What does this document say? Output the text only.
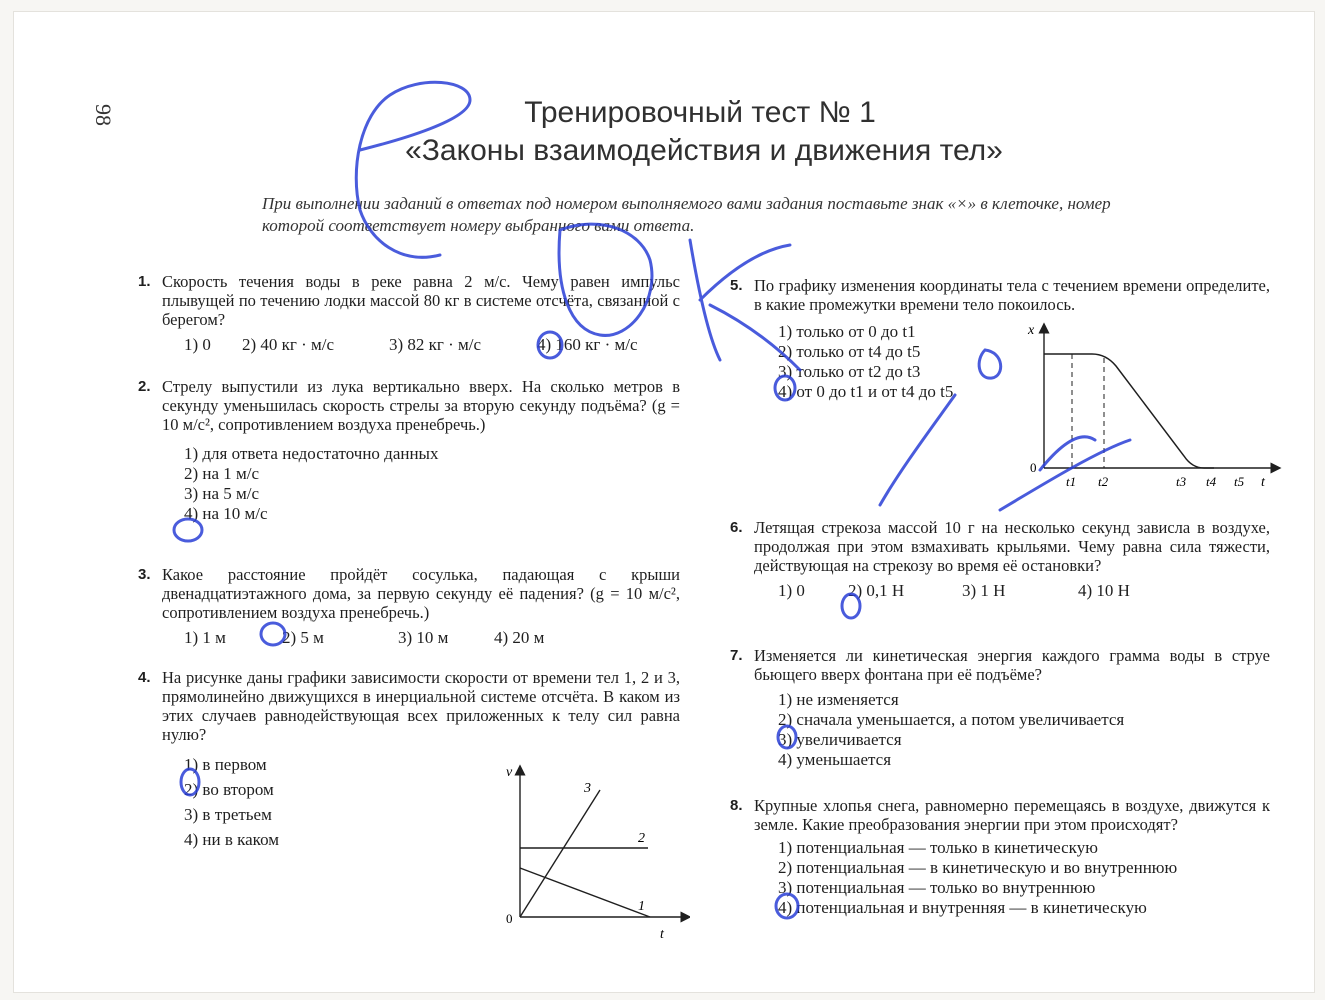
98	Тренировочный тест № 1
«Законы взаимодействия и движения тел»
При выполнении заданий в ответах под номером выполняемого вами задания поставьте знак «×» в клеточке, номер которой соответствует номеру выбранного вами ответа.
1. Скорость течения воды в реке равна 2 м/с. Чему равен импульс плывущей по течению лодки массой 80 кг в системе отсчёта, связанной с берегом?
1) 0	2) 40 кг · м/с	3) 82 кг · м/с	4) 160 кг · м/с
2. Стрелу выпустили из лука вертикально вверх. На сколько метров в секунду уменьшилась скорость стрелы за вторую секунду подъёма? (g = 10 м/с², сопротивлением воздуха пренебречь.)
1) для ответа недостаточно данных
2) на 1 м/с
3) на 5 м/с
4) на 10 м/с
3. Какое расстояние пройдёт сосулька, падающая с крыши двенадцатиэтажного дома, за первую секунду её падения? (g = 10 м/с², сопротивлением воздуха пренебречь.)
1) 1 м	2) 5 м	3) 10 м	4) 20 м
4. На рисунке даны графики зависимости скорости от времени тел 1, 2 и 3, прямолинейно движущихся в инерциальной системе отсчёта. В каком из этих случаев равнодействующая всех приложенных к телу сил равна нулю?
1) в первом
2) во втором
3) в третьем
4) ни в каком
5. По графику изменения координаты тела с течением времени определите, в какие промежутки времени тело покоилось.
1) только от 0 до t1
2) только от t4 до t5
3) только от t2 до t3
4) от 0 до t1 и от t4 до t5
6. Летящая стрекоза массой 10 г на несколько секунд зависла в воздухе, продолжая при этом взмахивать крыльями. Чему равна сила тяжести, действующая на стрекозу во время её остановки?
1) 0	2) 0,1 Н	3) 1 Н	4) 10 Н
7. Изменяется ли кинетическая энергия каждого грамма воды в струе бьющего вверх фонтана при её подъёме?
1) не изменяется
2) сначала уменьшается, а потом увеличивается
3) увеличивается
4) уменьшается
8. Крупные хлопья снега, равномерно перемещаясь в воздухе, движутся к земле. Какие преобразования энергии при этом происходят?
1) потенциальная — только в кинетическую
2) потенциальная — в кинетическую и во внутреннюю
3) потенциальная — только во внутреннюю
4) потенциальная и внутренняя — в кинетическую
v
t
0
1
2
3
x
t
0
t1 t2	t3 t4 t5
